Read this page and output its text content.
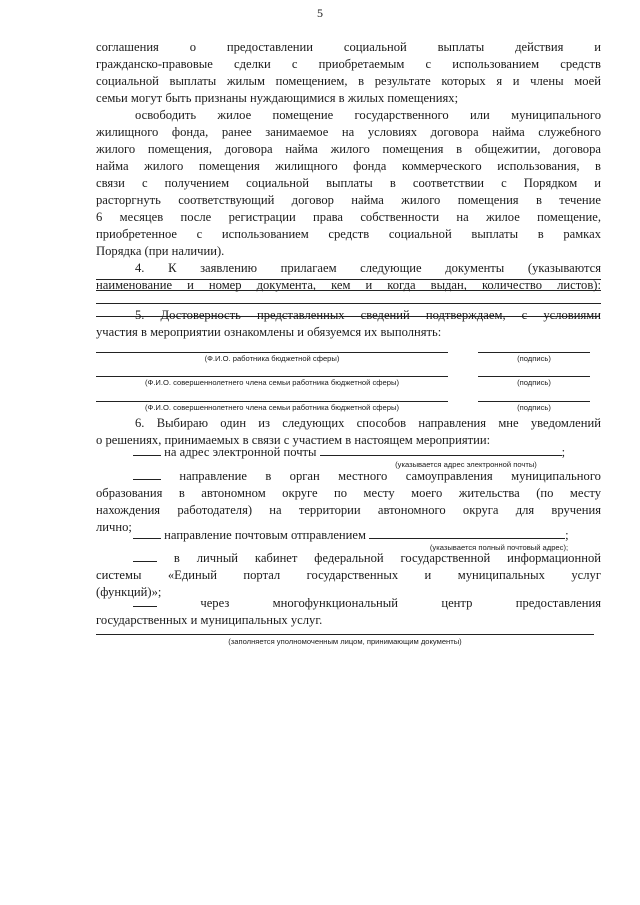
5
соглашения о предоставлении социальной выплаты действия и
гражданско-правовые сделки с приобретаемым с использованием средств
социальной выплаты жилым помещением, в результате которых я и члены моей
семьи могут быть признаны нуждающимися в жилых помещениях;
освободить жилое помещение государственного или муниципального
жилищного фонда, ранее занимаемое на условиях договора найма служебного
жилого помещения, договора найма жилого помещения в общежитии, договора
найма жилого помещения жилищного фонда коммерческого использования, в
связи с получением социальной выплаты в соответствии с Порядком и
расторгнуть соответствующий договор найма жилого помещения в течение
6 месяцев после регистрации права собственности на жилое помещение,
приобретенное с использованием средств социальной выплаты в рамках
Порядка (при наличии).
4. К заявлению прилагаем следующие документы (указываются
наименование и номер документа, кем и когда выдан, количество листов):
5. Достоверность представленных сведений подтверждаем, с условиями
участия в мероприятии ознакомлены и обязуемся их выполнять:
(Ф.И.О. работника бюджетной сферы)	(подпись)
(Ф.И.О. совершеннолетнего члена семьи работника бюджетной сферы)	(подпись)
(Ф.И.О. совершеннолетнего члена семьи работника бюджетной сферы)	(подпись)
6. Выбираю один из следующих способов направления мне уведомлений
о решениях, принимаемых в связи с участием в настоящем мероприятии:
на адрес электронной почты	;
(указывается адрес электронной почты)
направление в орган местного самоуправления муниципального
образования в автономном округе по месту моего жительства (по месту
нахождения работодателя) на территории автономного округа для вручения
лично;
направление почтовым отправлением	;
(указывается полный почтовый адрес);
в личный кабинет федеральной государственной информационной
системы «Единый портал государственных и муниципальных услуг
(функций)»;
через многофункциональный центр предоставления
государственных и муниципальных услуг.
(заполняется уполномоченным лицом, принимающим документы)
